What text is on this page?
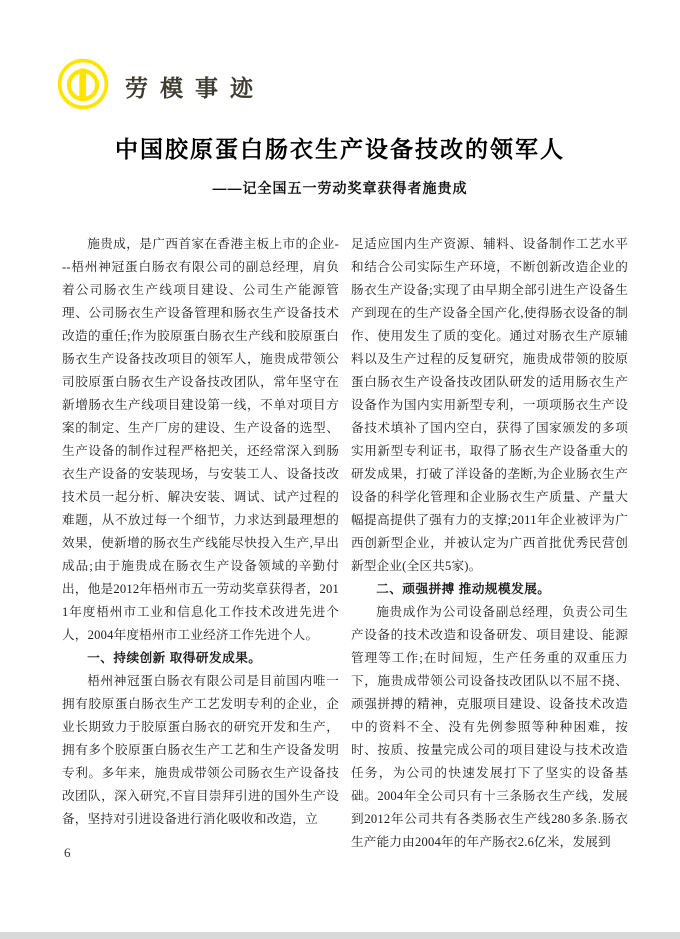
劳模事迹
中国胶原蛋白肠衣生产设备技改的领军人
——记全国五一劳动奖章获得者施贵成

施贵成，是广西首家在香港主板上市的企业---梧州神冠蛋白肠衣有限公司的副总经理，肩负着公司肠衣生产线项目建设、公司生产能源管理、公司肠衣生产设备管理和肠衣生产设备技术改造的重任;作为胶原蛋白肠衣生产线和胶原蛋白肠衣生产设备技改项目的领军人，施贵成带领公司胶原蛋白肠衣生产设备技改团队，常年坚守在新增肠衣生产线项目建设第一线，不单对项目方案的制定、生产厂房的建设、生产设备的选型、生产设备的制作过程严格把关，还经常深入到肠衣生产设备的安装现场，与安装工人、设备技改技术员一起分析、解决安装、调试、试产过程的难题，从不放过每一个细节，力求达到最理想的效果，使新增的肠衣生产线能尽快投入生产,早出成品;由于施贵成在肠衣生产设备领域的辛勤付出，他是2012年梧州市五一劳动奖章获得者，2011年度梧州市工业和信息化工作技术改进先进个人，2004年度梧州市工业经济工作先进个人。

一、持续创新 取得研发成果。

梧州神冠蛋白肠衣有限公司是目前国内唯一拥有胶原蛋白肠衣生产工艺发明专利的企业，企业长期致力于胶原蛋白肠衣的研究开发和生产，拥有多个胶原蛋白肠衣生产工艺和生产设备发明专利。多年来，施贵成带领公司肠衣生产设备技改团队，深入研究,不盲目崇拜引进的国外生产设备，坚持对引进设备进行消化吸收和改造，立

足适应国内生产资源、辅料、设备制作工艺水平和结合公司实际生产环境，不断创新改造企业的肠衣生产设备;实现了由早期全部引进生产设备生产到现在的生产设备全国产化,使得肠衣设备的制作、使用发生了质的变化。通过对肠衣生产原辅料以及生产过程的反复研究，施贵成带领的胶原蛋白肠衣生产设备技改团队研发的适用肠衣生产设备作为国内实用新型专利，一项项肠衣生产设备技术填补了国内空白，获得了国家颁发的多项实用新型专利证书，取得了肠衣生产设备重大的研发成果，打破了洋设备的垄断,为企业肠衣生产设备的科学化管理和企业肠衣生产质量、产量大幅提高提供了强有力的支撑;2011年企业被评为广西创新型企业，并被认定为广西首批优秀民营创新型企业(全区共5家)。

二、顽强拼搏 推动规模发展。

施贵成作为公司设备副总经理，负责公司生产设备的技术改造和设备研发、项目建设、能源管理等工作;在时间短，生产任务重的双重压力下，施贵成带领公司设备技改团队以不屈不挠、顽强拼搏的精神，克服项目建设、设备技术改造中的资料不全、没有先例参照等种种困难，按时、按质、按量完成公司的项目建设与技术改造任务，为公司的快速发展打下了坚实的设备基础。2004年全公司只有十三条肠衣生产线，发展到2012年公司共有各类肠衣生产线280多条.肠衣生产能力由2004年的年产肠衣2.6亿米，发展到

6
